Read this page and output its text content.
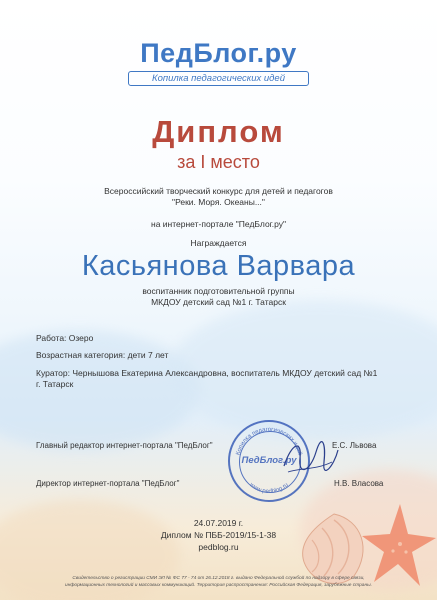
ПедБлог.ру
Копилка педагогических идей
Диплом
за I место
Всероссийский творческий конкурс для детей и педагогов
"Реки. Моря. Океаны..."
на интернет-портале "ПедБлог.ру"
Награждается
Касьянова Варвара
воспитанник подготовительной группы
МКДОУ детский сад №1 г. Татарск
Работа: Озеро
Возрастная категория: дети 7 лет
Куратор: Чернышова Екатерина Александровна, воспитатель МКДОУ детский сад №1
г. Татарск
Главный редактор интернет-портала "ПедБлог"	Е.С. Львова
Директор интернет-портала "ПедБлог"	Н.В. Власова
Копилка педагогических идей
www.pedblog.ru
ПедБлог.ру
24.07.2019 г.
Диплом № ПББ-2019/15-1-38
pedblog.ru
Свидетельство о регистрации СМИ ЭЛ № ФС 77 - 74 от 26.12.2018 г. выдано Федеральной службой по надзору в сфере связи,
информационных технологий и массовых коммуникаций. Территория распространения: Российская Федерация, зарубежные страны.
